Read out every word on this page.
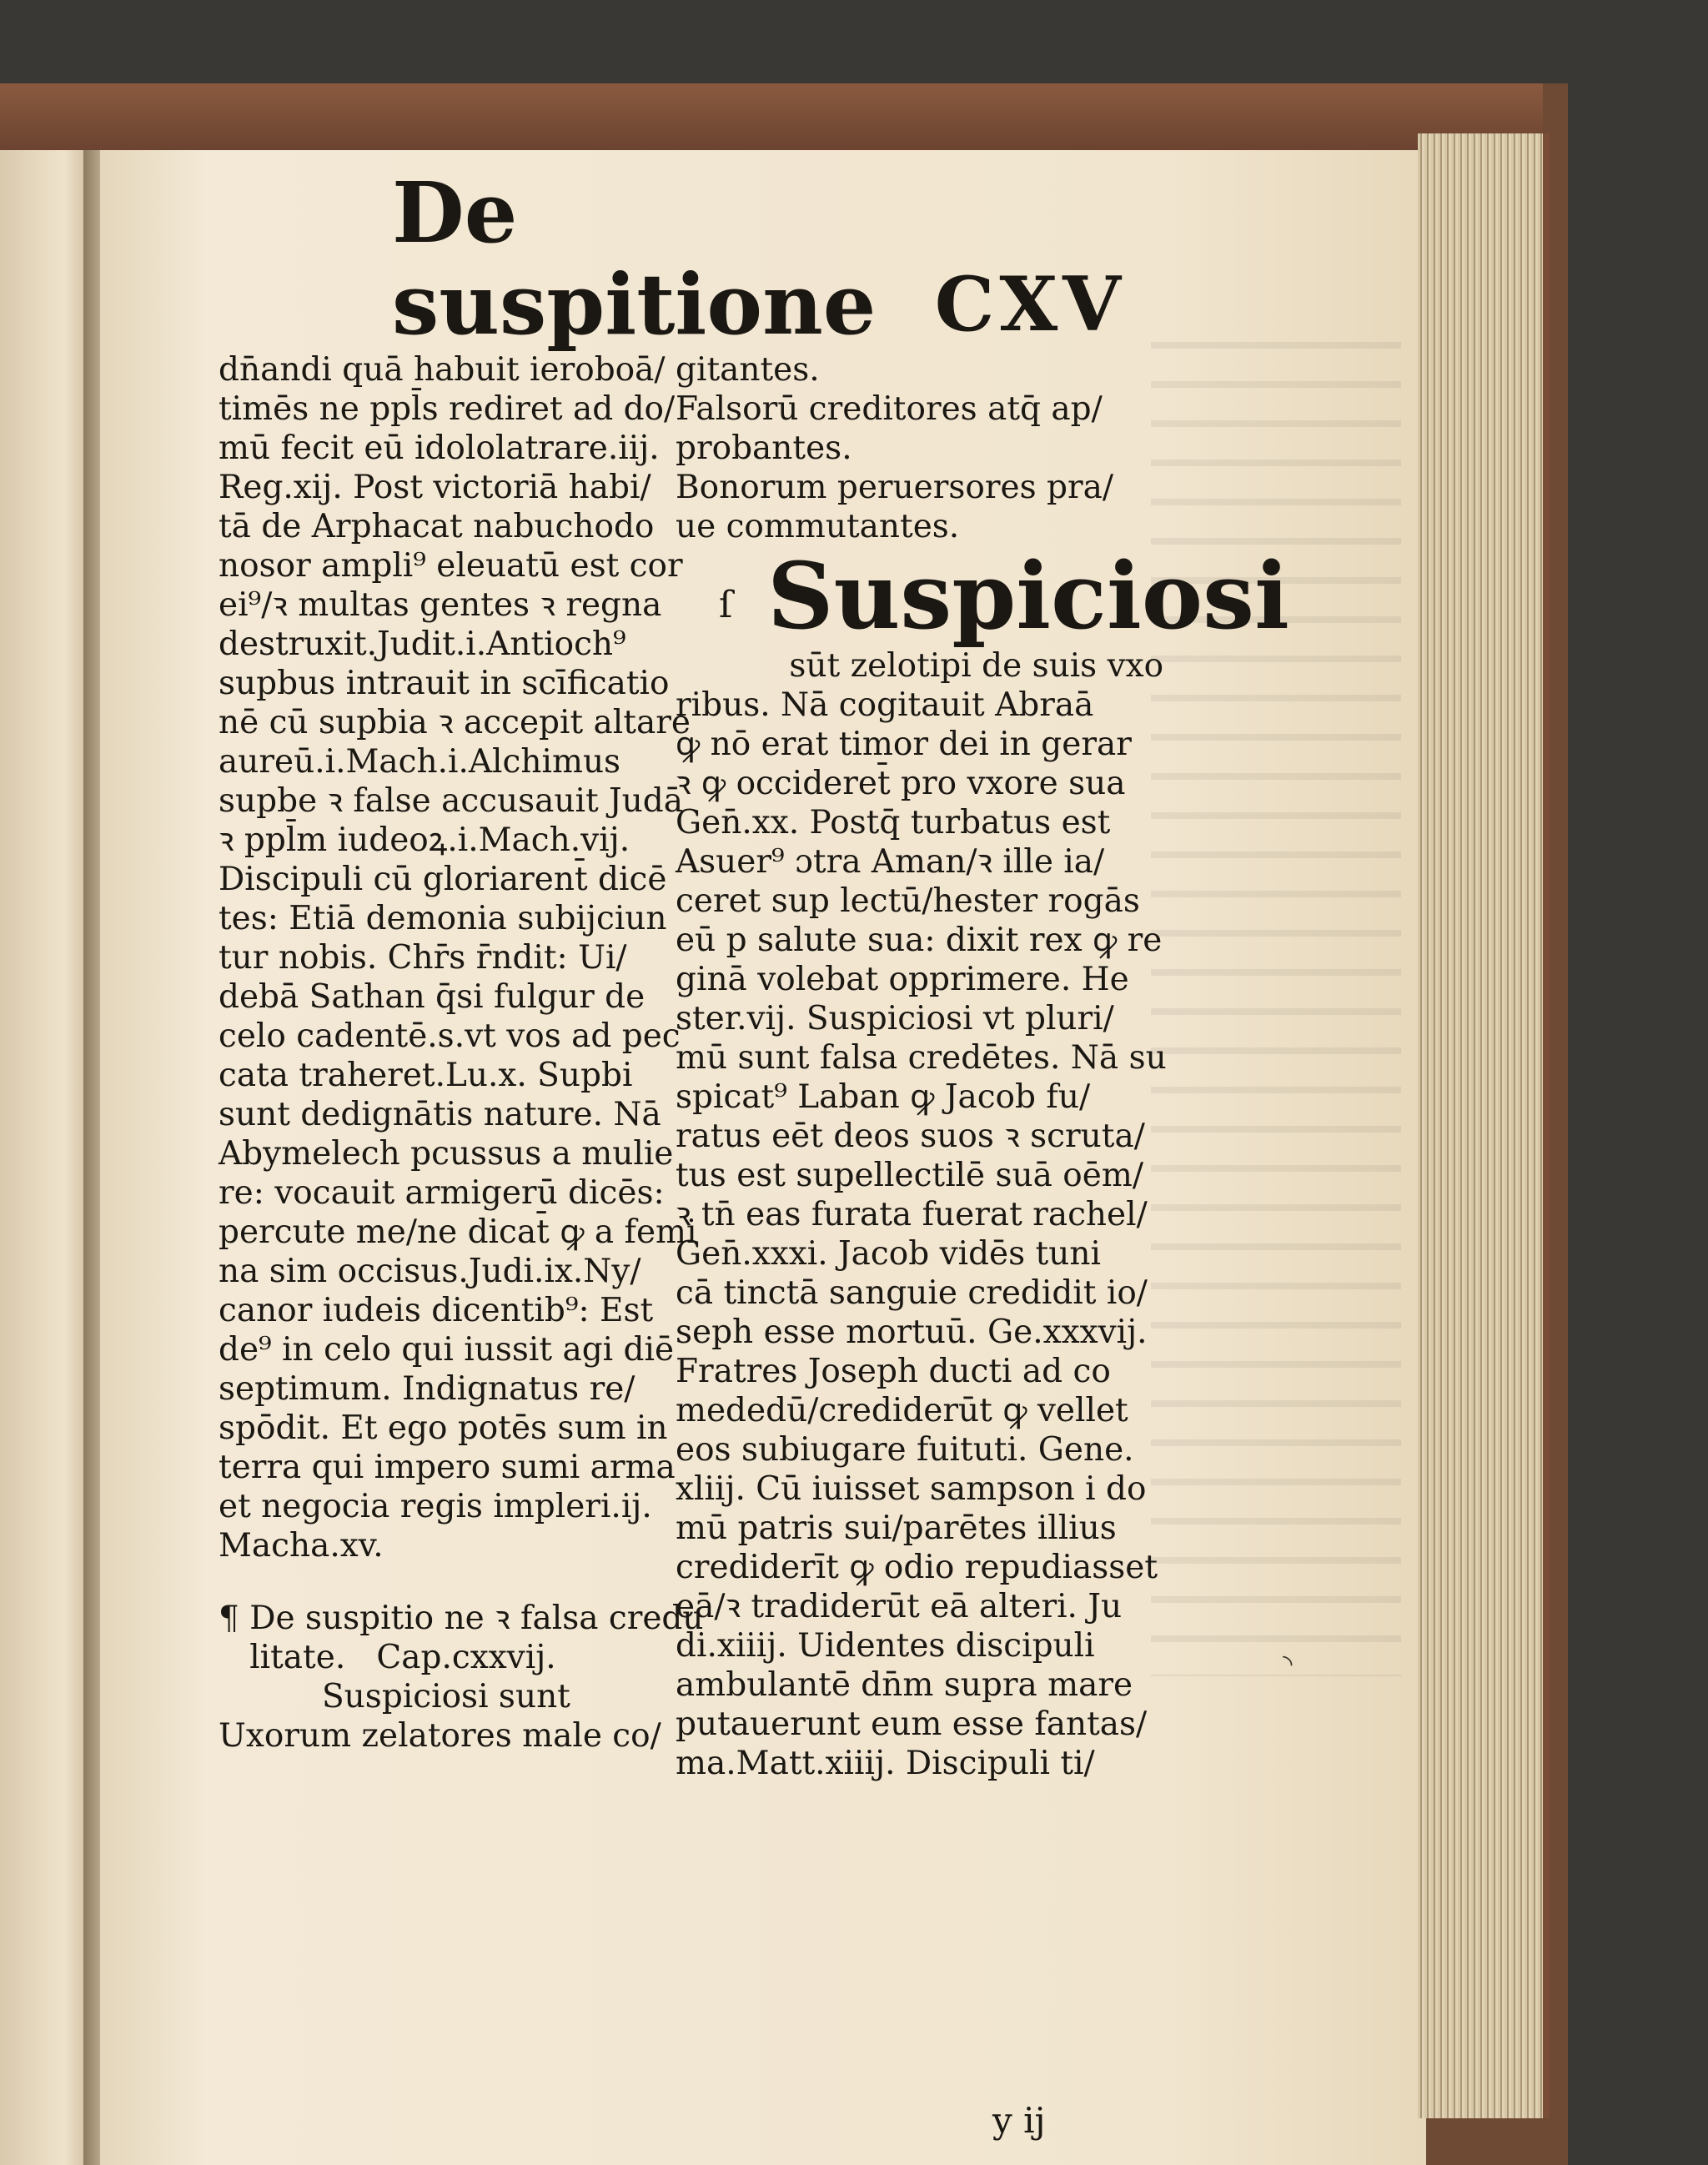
De suspitione CXV
dn̄andi quā habuit ieroboā/
timēs ne ppl̄s rediret ad do/
mū fecit eū idololatrare.iij.
Reg.xij. Post victoriā habi/
tā de Arphacat nabuchodo
nosor ampli⁹ eleuatū est cor
ei⁹/ꝛ multas gentes ꝛ regna
destruxit.Judit.i.Antioch⁹
supbus intrauit in scīficatio
nē cū supbia ꝛ accepit altare
aureū.i.Mach.i.Alchimus
supbe ꝛ false accusauit Judā
ꝛ ppl̄m iudeoꝝ.i.Mach.vij.
Discipuli cū gloriarent̄ dicē
tes: Etiā demonia subijciun
tur nobis. Chr̄s r̄ndit: Ui/
debā Sathan q̄si fulgur de
celo cadentē.s.vt vos ad pec
cata traheret.Lu.x. Supbi
sunt dedignātis nature. Nā
Abymelech pcussus a mulie
re: vocauit armigerū dicēs:
percute me/ne dicat̄ ꝙ a femi
na sim occisus.Judi.ix.Ny/
canor iudeis dicentib⁹: Est
de⁹ in celo qui iussit agi diē
septimum. Indignatus re/
spōdit. Et ego potēs sum in
terra qui impero sumi arma
et negocia regis impleri.ij.
Macha.xv.
¶ De suspitio ne ꝛ falsa credu
litate.   Cap.cxxvij.
Suspiciosi sunt
Uxorum zelatores male co/
gitantes.
Falsorū creditores atq̄ ap/
probantes.
Bonorum peruersores pra/
ue commutantes.
Suspiciosi
sūt zelotipi de suis vxo
ribus. Nā cogitauit Abraā
ꝙ nō erat timor dei in gerar
ꝛ ꝙ occideret̄ pro vxore sua
Gen̄.xx. Postq̄ turbatus est
Asuer⁹ ɔtra Aman/ꝛ ille ia/
ceret sup lectū/hester rogās
eū p salute sua: dixit rex ꝙ re
ginā volebat opprimere. He
ster.vij. Suspiciosi vt pluri/
mū sunt falsa credētes. Nā su
spicat⁹ Laban ꝙ Jacob fu/
ratus eēt deos suos ꝛ scruta/
tus est supellectilē suā oēm/
ꝛ tn̄ eas furata fuerat rachel/
Gen̄.xxxi. Jacob vidēs tuni
cā tinctā sanguie credidit io/
seph esse mortuū. Ge.xxxvij.
Fratres Joseph ducti ad co
mededū/crediderūt ꝙ vellet
eos subiugare fuituti. Gene.
xliij. Cū iuisset sampson i do
mū patris sui/parētes illius
crediderīt ꝙ odio repudiasset
eā/ꝛ tradiderūt eā alteri. Ju
di.xiiij. Uidentes discipuli
ambulantē dn̄m supra mare
putauerunt eum esse fantas/
ma.Matt.xiiij. Discipuli ti/
ſ
◝
y ij
